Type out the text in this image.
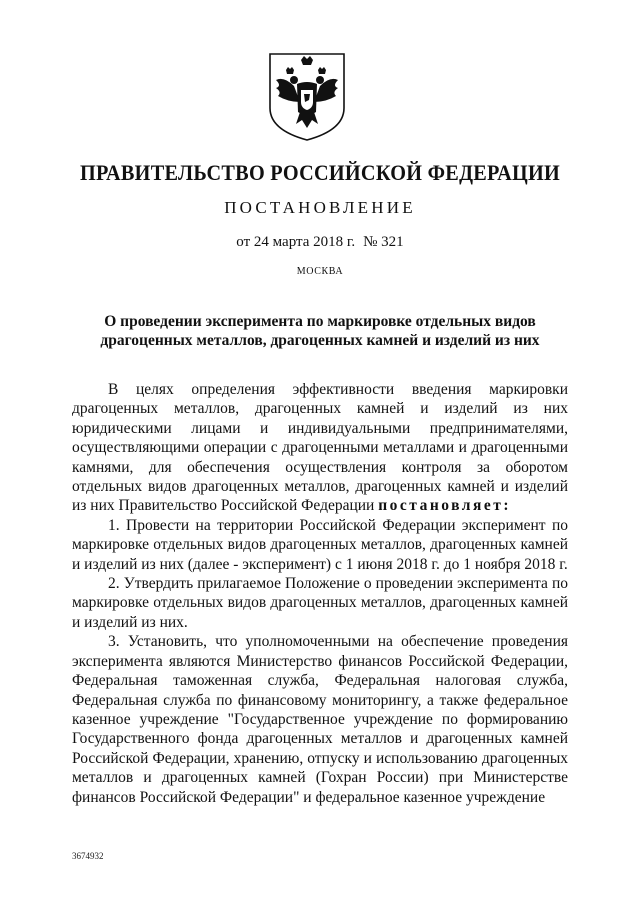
ПРАВИТЕЛЬСТВО РОССИЙСКОЙ ФЕДЕРАЦИИ
ПОСТАНОВЛЕНИЕ
от 24 марта 2018 г. № 321
МОСКВА
О проведении эксперимента по маркировке отдельных видов драгоценных металлов, драгоценных камней и изделий из них

В целях определения эффективности введения маркировки драгоценных металлов, драгоценных камней и изделий из них юридическими лицами и индивидуальными предпринимателями, осуществляющими операции с драгоценными металлами и драгоценными камнями, для обеспечения осуществления контроля за оборотом отдельных видов драгоценных металлов, драгоценных камней и изделий из них Правительство Российской Федерации постановляет:

1. Провести на территории Российской Федерации эксперимент по маркировке отдельных видов драгоценных металлов, драгоценных камней и изделий из них (далее - эксперимент) с 1 июня 2018 г. до 1 ноября 2018 г.

2. Утвердить прилагаемое Положение о проведении эксперимента по маркировке отдельных видов драгоценных металлов, драгоценных камней и изделий из них.

3. Установить, что уполномоченными на обеспечение проведения эксперимента являются Министерство финансов Российской Федерации, Федеральная таможенная служба, Федеральная налоговая служба, Федеральная служба по финансовому мониторингу, а также федеральное казенное учреждение "Государственное учреждение по формированию Государственного фонда драгоценных металлов и драгоценных камней Российской Федерации, хранению, отпуску и использованию драгоценных металлов и драгоценных камней (Гохран России) при Министерстве финансов Российской Федерации" и федеральное казенное учреждение

3674932
